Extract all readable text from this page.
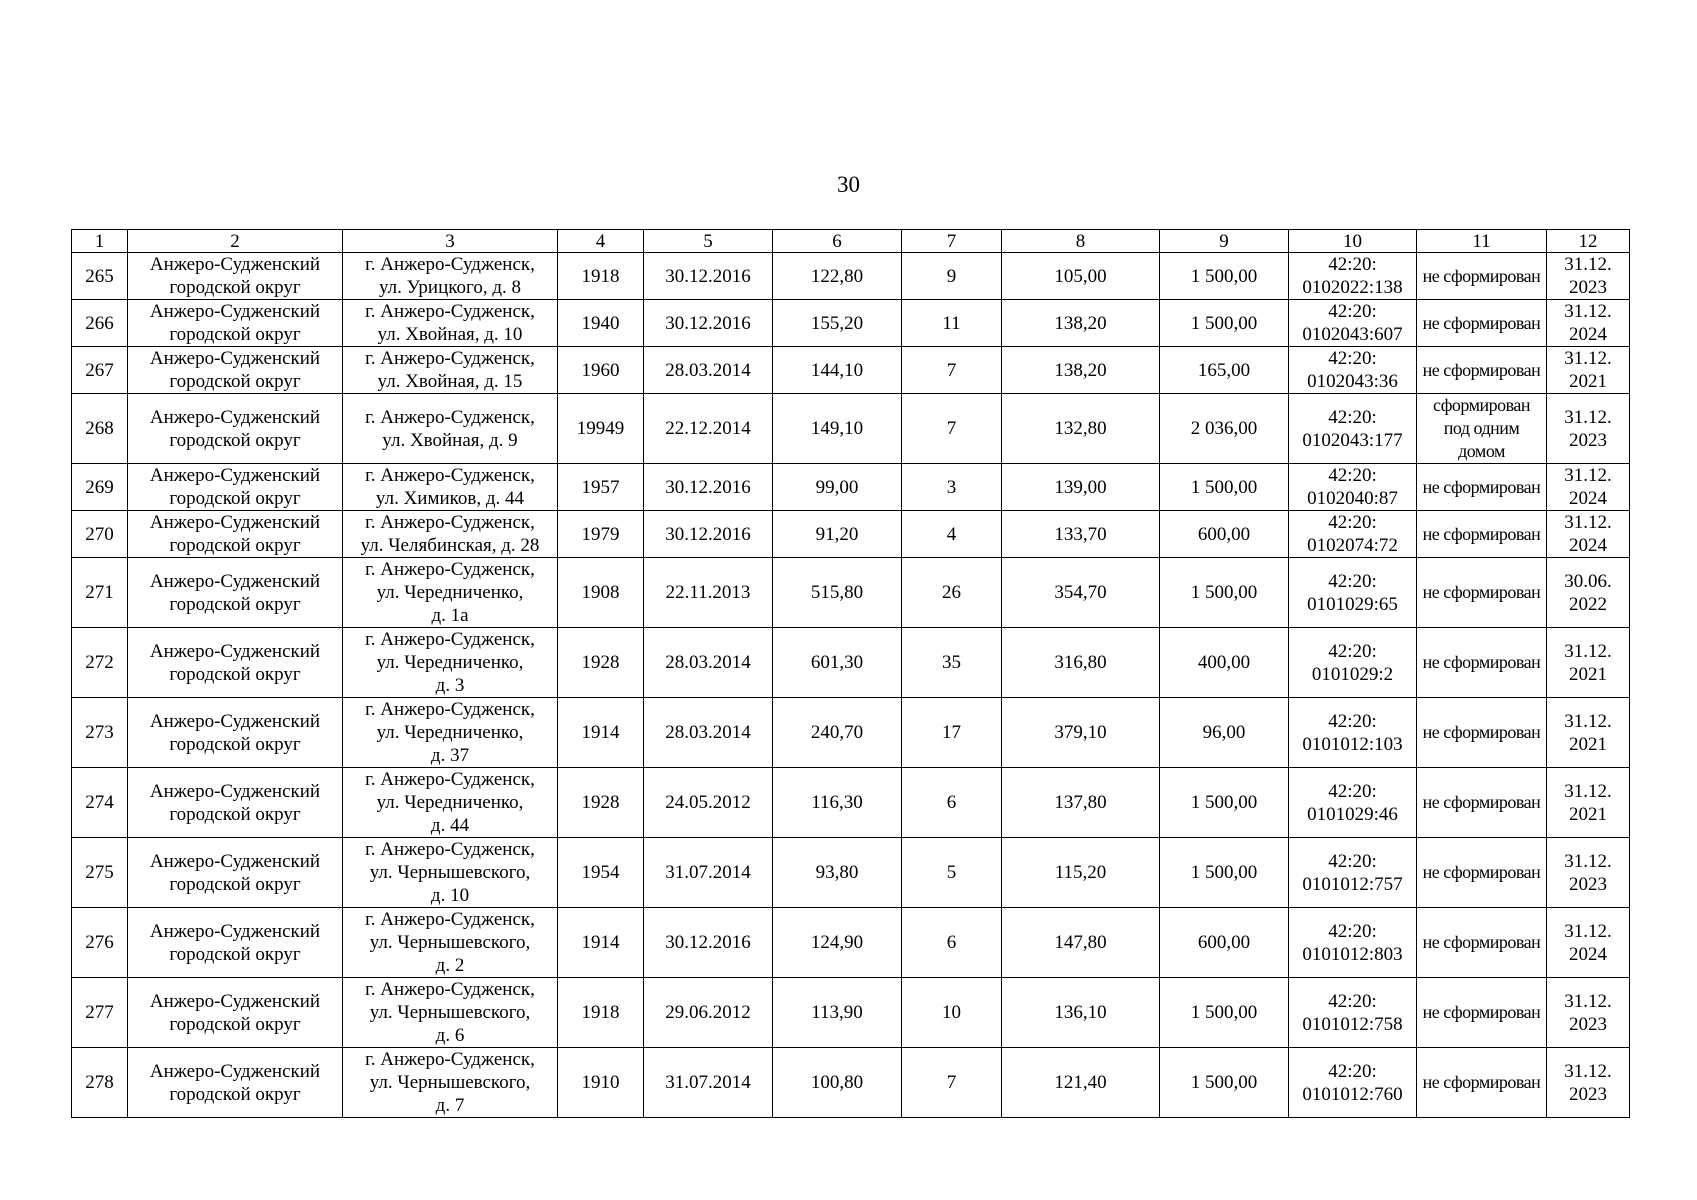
30
1	2	3	4	5	6	7	8	9	10	11	12
265	Анжеро-Судженский городской округ	г. Анжеро-Судженск,
ул. Урицкого, д. 8	1918	30.12.2016	122,80	9	105,00	1 500,00	42:20:
0102022:138	не сформирован	31.12.
2023

266	Анжеро-Судженский городской округ	г. Анжеро-Судженск,
ул. Хвойная, д. 10	1940	30.12.2016	155,20	11	138,20	1 500,00	42:20:
0102043:607	не сформирован	31.12.
2024

267	Анжеро-Судженский городской округ	г. Анжеро-Судженск,
ул. Хвойная, д. 15	1960	28.03.2014	144,10	7	138,20	165,00	42:20:
0102043:36	не сформирован	31.12.
2021

268	Анжеро-Судженский городской округ	г. Анжеро-Судженск,
ул. Хвойная, д. 9	19949	22.12.2014	149,10	7	132,80	2 036,00	42:20:
0102043:177	сформирован под одним домом	31.12.
2023

269	Анжеро-Судженский городской округ	г. Анжеро-Судженск,
ул. Химиков, д. 44	1957	30.12.2016	99,00	3	139,00	1 500,00	42:20:
0102040:87	не сформирован	31.12.
2024

270	Анжеро-Судженский городской округ	г. Анжеро-Судженск,
ул. Челябинская, д. 28	1979	30.12.2016	91,20	4	133,70	600,00	42:20:
0102074:72	не сформирован	31.12.
2024

271	Анжеро-Судженский городской округ	г. Анжеро-Судженск,
ул. Чередниченко,
д. 1а	1908	22.11.2013	515,80	26	354,70	1 500,00	42:20:
0101029:65	не сформирован	30.06.
2022

272	Анжеро-Судженский городской округ	г. Анжеро-Судженск,
ул. Чередниченко,
д. 3	1928	28.03.2014	601,30	35	316,80	400,00	42:20:
0101029:2	не сформирован	31.12.
2021

273	Анжеро-Судженский городской округ	г. Анжеро-Судженск,
ул. Чередниченко,
д. 37	1914	28.03.2014	240,70	17	379,10	96,00	42:20:
0101012:103	не сформирован	31.12.
2021

274	Анжеро-Судженский городской округ	г. Анжеро-Судженск,
ул. Чередниченко,
д. 44	1928	24.05.2012	116,30	6	137,80	1 500,00	42:20:
0101029:46	не сформирован	31.12.
2021

275	Анжеро-Судженский городской округ	г. Анжеро-Судженск,
ул. Чернышевского,
д. 10	1954	31.07.2014	93,80	5	115,20	1 500,00	42:20:
0101012:757	не сформирован	31.12.
2023

276	Анжеро-Судженский городской округ	г. Анжеро-Судженск,
ул. Чернышевского,
д. 2	1914	30.12.2016	124,90	6	147,80	600,00	42:20:
0101012:803	не сформирован	31.12.
2024

277	Анжеро-Судженский городской округ	г. Анжеро-Судженск,
ул. Чернышевского,
д. 6	1918	29.06.2012	113,90	10	136,10	1 500,00	42:20:
0101012:758	не сформирован	31.12.
2023

278	Анжеро-Судженский городской округ	г. Анжеро-Судженск,
ул. Чернышевского,
д. 7	1910	31.07.2014	100,80	7	121,40	1 500,00	42:20:
0101012:760	не сформирован	31.12.
2023
